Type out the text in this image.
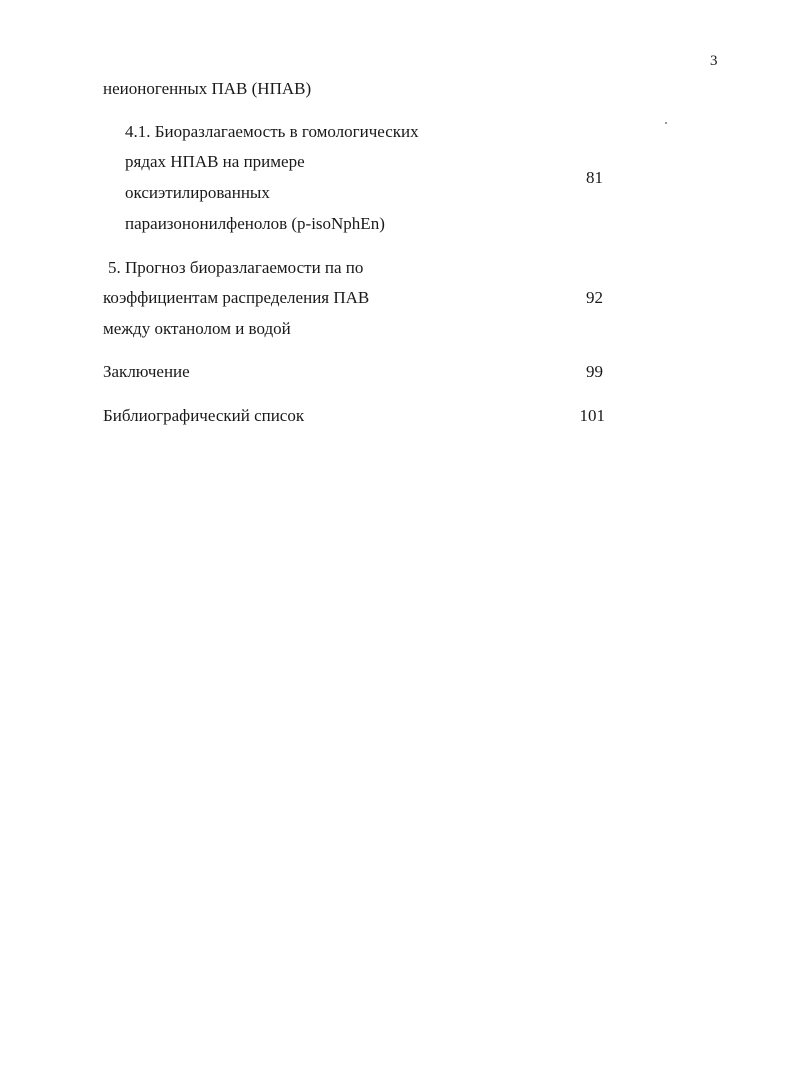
3
неионогенных ПАВ (НПАВ)
4.1. Биоразлагаемость в гомологических
рядах НПАВ на примере
оксиэтилированных
параизононилфенолов (p-isoNphEn)
81
5. Прогноз биоразлагаемости па по
коэффициентам распределения ПАВ
между октанолом и водой
92
Заключение	99
Библиографический список	101
